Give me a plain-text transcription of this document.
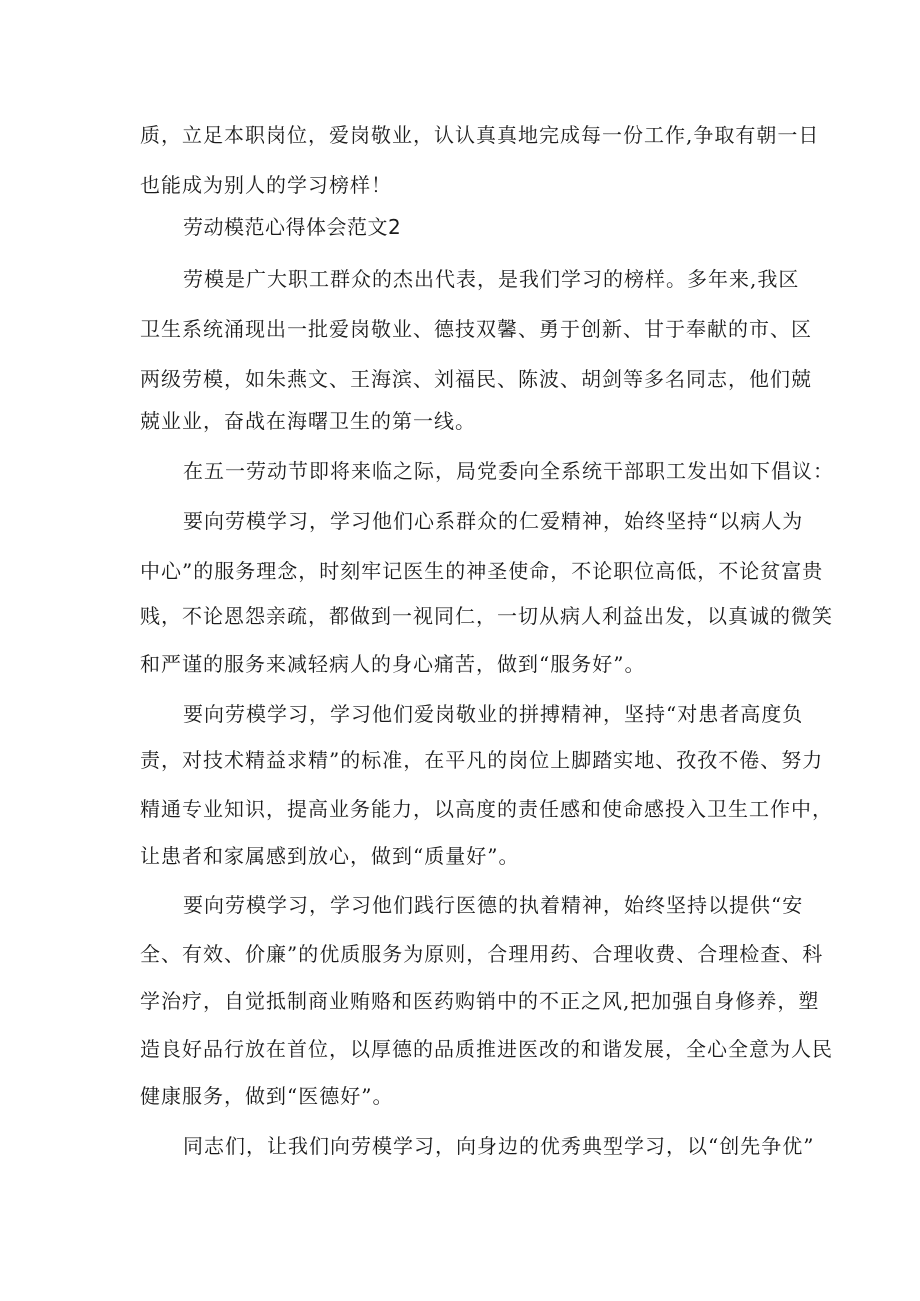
质，立足本职岗位，爱岗敬业，认认真真地完成每一份工作,争取有朝一日
也能成为别人的学习榜样！
劳动模范心得体会范文2
劳模是广大职工群众的杰出代表，是我们学习的榜样。多年来,我区
卫生系统涌现出一批爱岗敬业、德技双馨、勇于创新、甘于奉献的市、区
两级劳模，如朱燕文、王海滨、刘福民、陈波、胡剑等多名同志，他们兢
兢业业，奋战在海曙卫生的第一线。
在五一劳动节即将来临之际，局党委向全系统干部职工发出如下倡议：
要向劳模学习，学习他们心系群众的仁爱精神，始终坚持“以病人为
中心”的服务理念，时刻牢记医生的神圣使命，不论职位高低，不论贫富贵
贱，不论恩怨亲疏，都做到一视同仁，一切从病人利益出发，以真诚的微笑
和严谨的服务来减轻病人的身心痛苦，做到“服务好”。
要向劳模学习，学习他们爱岗敬业的拼搏精神，坚持“对患者高度负
责，对技术精益求精”的标准，在平凡的岗位上脚踏实地、孜孜不倦、努力
精通专业知识，提高业务能力，以高度的责任感和使命感投入卫生工作中，
让患者和家属感到放心，做到“质量好”。
要向劳模学习，学习他们践行医德的执着精神，始终坚持以提供“安
全、有效、价廉”的优质服务为原则，合理用药、合理收费、合理检查、科
学治疗，自觉抵制商业贿赂和医药购销中的不正之风,把加强自身修养，塑
造良好品行放在首位，以厚德的品质推进医改的和谐发展，全心全意为人民
健康服务，做到“医德好”。
同志们，让我们向劳模学习，向身边的优秀典型学习，以“创先争优”
